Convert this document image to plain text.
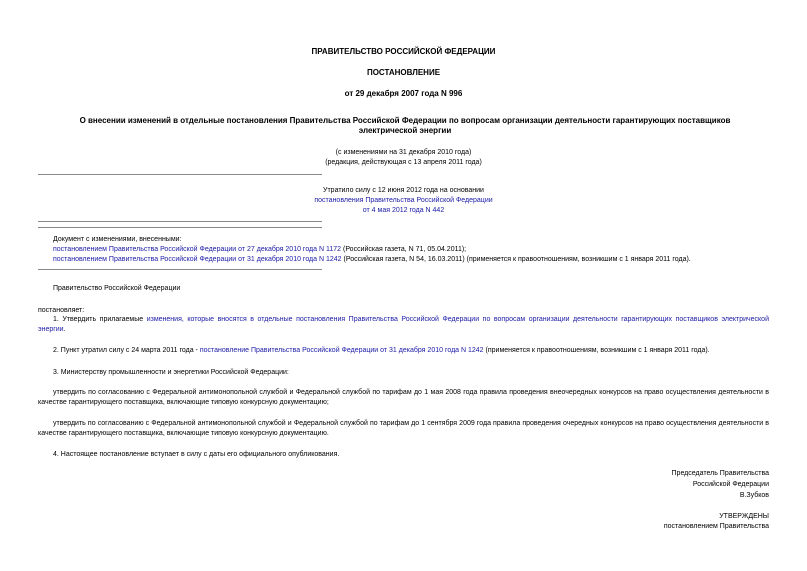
ПРАВИТЕЛЬСТВО РОССИЙСКОЙ ФЕДЕРАЦИИ
ПОСТАНОВЛЕНИЕ
от 29 декабря 2007 года N 996
О внесении изменений в отдельные постановления Правительства Российской Федерации по вопросам организации деятельности гарантирующих поставщиков электрической энергии
(с изменениями на 31 декабря 2010 года)
(редакция, действующая с 13 апреля 2011 года)
Утратило силу с 12 июня 2012 года на основании
постановления Правительства Российской Федерации
от 4 мая 2012 года N 442
Документ с изменениями, внесенными:
постановлением Правительства Российской Федерации от 27 декабря 2010 года N 1172 (Российская газета, N 71, 05.04.2011);
постановлением Правительства Российской Федерации от 31 декабря 2010 года N 1242 (Российская газета, N 54, 16.03.2011) (применяется к правоотношениям, возникшим с 1 января 2011 года).
Правительство Российской Федерации
постановляет:
1. Утвердить прилагаемые изменения, которые вносятся в отдельные постановления Правительства Российской Федерации по вопросам организации деятельности гарантирующих поставщиков электрической энергии.
2. Пункт утратил силу с 24 марта 2011 года - постановление Правительства Российской Федерации от 31 декабря 2010 года N 1242 (применяется к правоотношениям, возникшим с 1 января 2011 года).
3. Министерству промышленности и энергетики Российской Федерации:
утвердить по согласованию с Федеральной антимонопольной службой и Федеральной службой по тарифам до 1 мая 2008 года правила проведения внеочередных конкурсов на право осуществления деятельности в качестве гарантирующего поставщика, включающие типовую конкурсную документацию;
утвердить по согласованию с Федеральной антимонопольной службой и Федеральной службой по тарифам до 1 сентября 2009 года правила проведения очередных конкурсов на право осуществления деятельности в качестве гарантирующего поставщика, включающие типовую конкурсную документацию.
4. Настоящее постановление вступает в силу с даты его официального опубликования.
Председатель Правительства
Российской Федерации
В.Зубков
УТВЕРЖДЕНЫ
постановлением Правительства
